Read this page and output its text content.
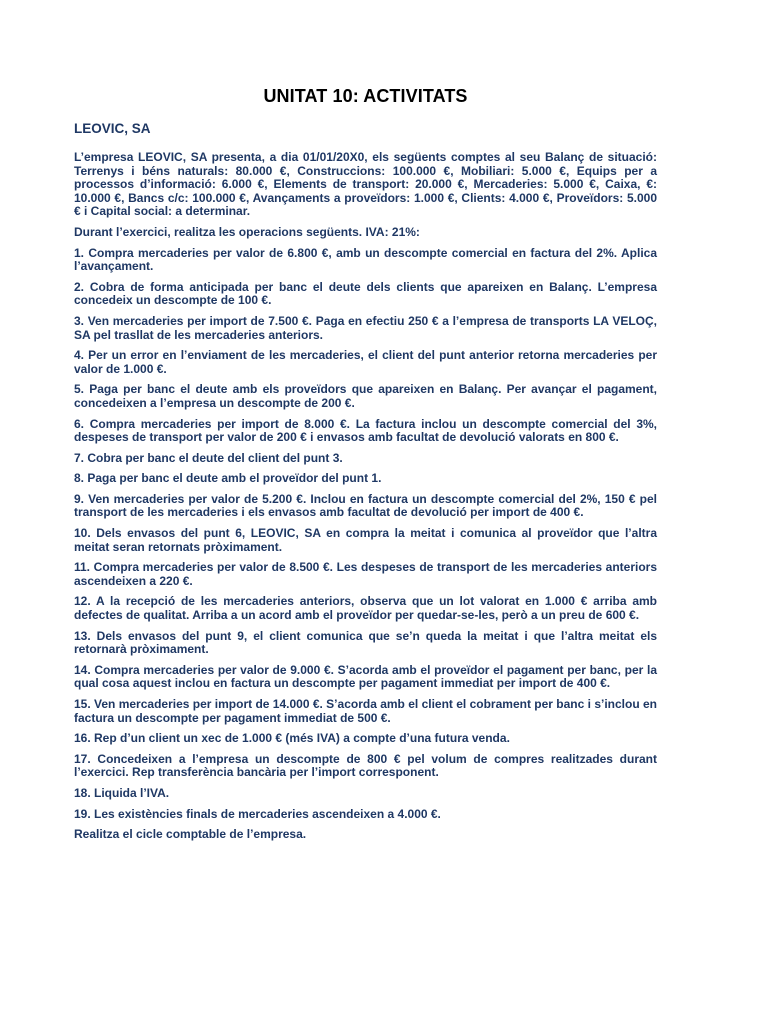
UNITAT 10: ACTIVITATS
LEOVIC, SA

L’empresa LEOVIC, SA presenta, a dia 01/01/20X0, els següents comptes al seu Balanç de situació: Terrenys i béns naturals: 80.000 €, Construccions: 100.000 €, Mobiliari: 5.000 €, Equips per a processos d’informació: 6.000 €, Elements de transport: 20.000 €, Mercaderies: 5.000 €, Caixa, €: 10.000 €, Bancs c/c: 100.000 €, Avançaments a proveïdors: 1.000 €, Clients: 4.000 €, Proveïdors: 5.000 € i Capital social: a determinar.

Durant l’exercici, realitza les operacions següents. IVA: 21%:

1. Compra mercaderies per valor de 6.800 €, amb un descompte comercial en factura del 2%. Aplica l’avançament.
2. Cobra de forma anticipada per banc el deute dels clients que apareixen en Balanç. L’empresa concedeix un descompte de 100 €.
3. Ven mercaderies per import de 7.500 €. Paga en efectiu 250 € a l’empresa de transports LA VELOÇ, SA pel trasllat de les mercaderies anteriors.
4. Per un error en l’enviament de les mercaderies, el client del punt anterior retorna mercaderies per valor de 1.000 €.
5. Paga per banc el deute amb els proveïdors que apareixen en Balanç. Per avançar el pagament, concedeixen a l’empresa un descompte de 200 €.
6. Compra mercaderies per import de 8.000 €. La factura inclou un descompte comercial del 3%, despeses de transport per valor de 200 € i envasos amb facultat de devolució valorats en 800 €.
7. Cobra per banc el deute del client del punt 3.
8. Paga per banc el deute amb el proveïdor del punt 1.
9. Ven mercaderies per valor de 5.200 €. Inclou en factura un descompte comercial del 2%, 150 € pel transport de les mercaderies i els envasos amb facultat de devolució per import de 400 €.
10. Dels envasos del punt 6, LEOVIC, SA en compra la meitat i comunica al proveïdor que l’altra meitat seran retornats pròximament.
11. Compra mercaderies per valor de 8.500 €. Les despeses de transport de les mercaderies anteriors ascendeixen a 220 €.
12. A la recepció de les mercaderies anteriors, observa que un lot valorat en 1.000 € arriba amb defectes de qualitat. Arriba a un acord amb el proveïdor per quedar-se-les, però a un preu de 600 €.
13. Dels envasos del punt 9, el client comunica que se’n queda la meitat i que l’altra meitat els retornarà pròximament.
14. Compra mercaderies per valor de 9.000 €. S’acorda amb el proveïdor el pagament per banc, per la qual cosa aquest inclou en factura un descompte per pagament immediat per import de 400 €.
15. Ven mercaderies per import de 14.000 €. S’acorda amb el client el cobrament per banc i s’inclou en factura un descompte per pagament immediat de 500 €.
16. Rep d’un client un xec de 1.000 € (més IVA) a compte d’una futura venda.
17. Concedeixen a l’empresa un descompte de 800 € pel volum de compres realitzades durant l’exercici. Rep transferència bancària per l’import corresponent.
18. Liquida l’IVA.
19. Les existències finals de mercaderies ascendeixen a 4.000 €.

Realitza el cicle comptable de l’empresa.
